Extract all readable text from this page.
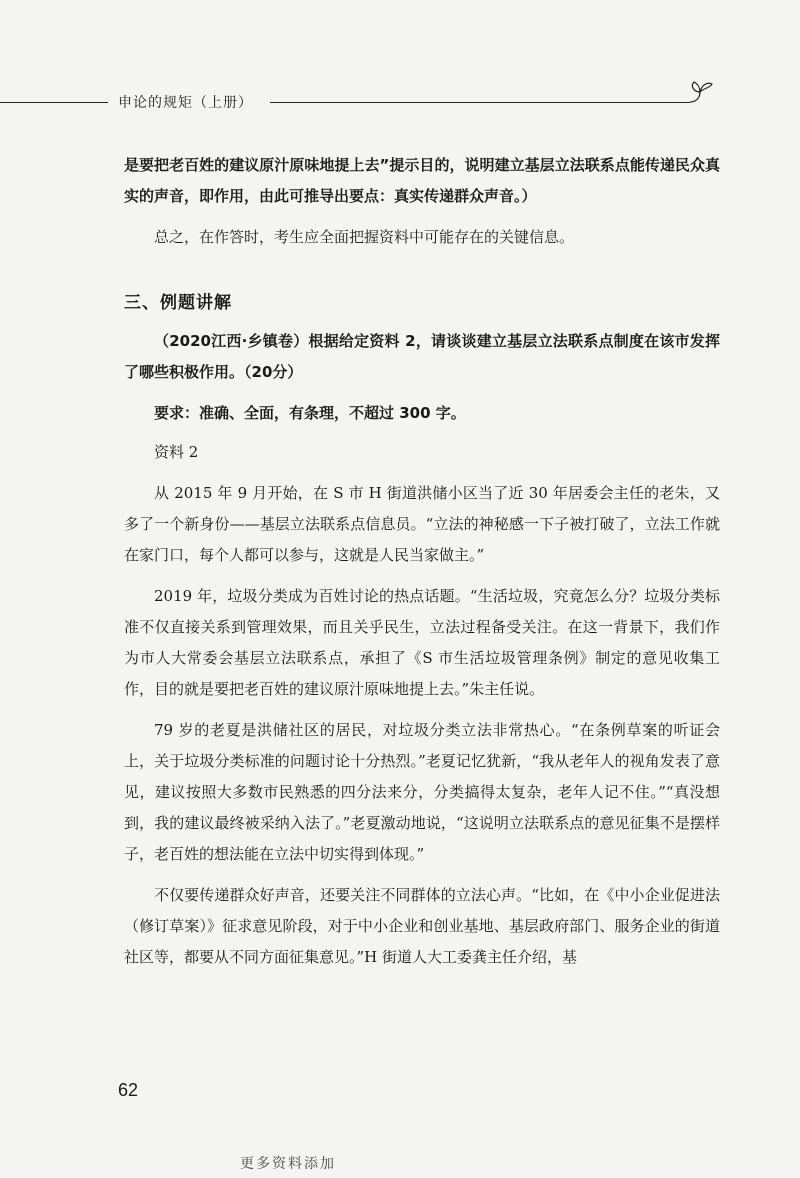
申论的规矩（上册）

是要把老百姓的建议原汁原味地提上去”提示目的，说明建立基层立法联系点能传递民众真实的声音，即作用，由此可推导出要点：真实传递群众声音。）

总之，在作答时，考生应全面把握资料中可能存在的关键信息。

三、例题讲解

（2020江西·乡镇卷）根据给定资料 2，请谈谈建立基层立法联系点制度在该市发挥了哪些积极作用。（20分）

要求：准确、全面，有条理，不超过 300 字。

资料 2

从 2015 年 9 月开始，在 S 市 H 街道洪储小区当了近 30 年居委会主任的老朱，又多了一个新身份——基层立法联系点信息员。“立法的神秘感一下子被打破了，立法工作就在家门口，每个人都可以参与，这就是人民当家做主。”

2019 年，垃圾分类成为百姓讨论的热点话题。“生活垃圾，究竟怎么分？垃圾分类标准不仅直接关系到管理效果，而且关乎民生，立法过程备受关注。在这一背景下，我们作为市人大常委会基层立法联系点，承担了《S 市生活垃圾管理条例》制定的意见收集工作，目的就是要把老百姓的建议原汁原味地提上去。”朱主任说。

79 岁的老夏是洪储社区的居民，对垃圾分类立法非常热心。“在条例草案的听证会上，关于垃圾分类标准的问题讨论十分热烈。”老夏记忆犹新，“我从老年人的视角发表了意见，建议按照大多数市民熟悉的四分法来分，分类搞得太复杂，老年人记不住。”“真没想到，我的建议最终被采纳入法了。”老夏激动地说，“这说明立法联系点的意见征集不是摆样子，老百姓的想法能在立法中切实得到体现。”

不仅要传递群众好声音，还要关注不同群体的立法心声。“比如，在《中小企业促进法（修订草案）》征求意见阶段，对于中小企业和创业基地、基层政府部门、服务企业的街道社区等，都要从不同方面征集意见。”H 街道人大工委龚主任介绍，基

62
更多资料添加
